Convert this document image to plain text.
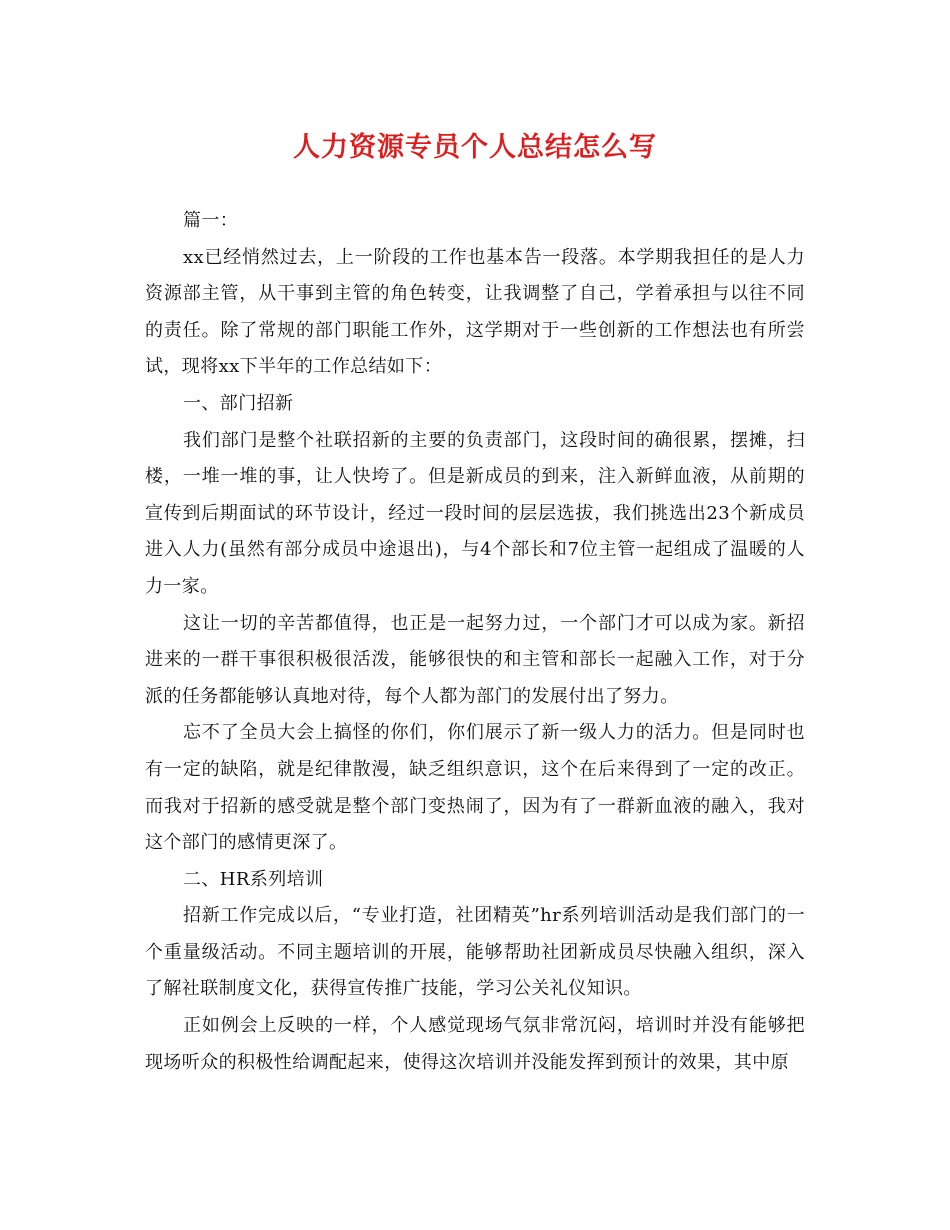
人力资源专员个人总结怎么写

篇一：

xx已经悄然过去，上一阶段的工作也基本告一段落。本学期我担任的是人力资源部主管，从干事到主管的角色转变，让我调整了自己，学着承担与以往不同的责任。除了常规的部门职能工作外，这学期对于一些创新的工作想法也有所尝试，现将xx下半年的工作总结如下：

一、部门招新

我们部门是整个社联招新的主要的负责部门，这段时间的确很累，摆摊，扫楼，一堆一堆的事，让人快垮了。但是新成员的到来，注入新鲜血液，从前期的宣传到后期面试的环节设计，经过一段时间的层层选拔，我们挑选出23个新成员进入人力(虽然有部分成员中途退出)，与4个部长和7位主管一起组成了温暖的人力一家。

这让一切的辛苦都值得，也正是一起努力过，一个部门才可以成为家。新招进来的一群干事很积极很活泼，能够很快的和主管和部长一起融入工作，对于分派的任务都能够认真地对待，每个人都为部门的发展付出了努力。

忘不了全员大会上搞怪的你们，你们展示了新一级人力的活力。但是同时也有一定的缺陷，就是纪律散漫，缺乏组织意识，这个在后来得到了一定的改正。而我对于招新的感受就是整个部门变热闹了，因为有了一群新血液的融入，我对这个部门的感情更深了。

二、HR系列培训

招新工作完成以后，“专业打造，社团精英”hr系列培训活动是我们部门的一个重量级活动。不同主题培训的开展，能够帮助社团新成员尽快融入组织，深入了解社联制度文化，获得宣传推广技能，学习公关礼仪知识。

正如例会上反映的一样，个人感觉现场气氛非常沉闷，培训时并没有能够把现场听众的积极性给调配起来，使得这次培训并没能发挥到预计的效果，其中原
